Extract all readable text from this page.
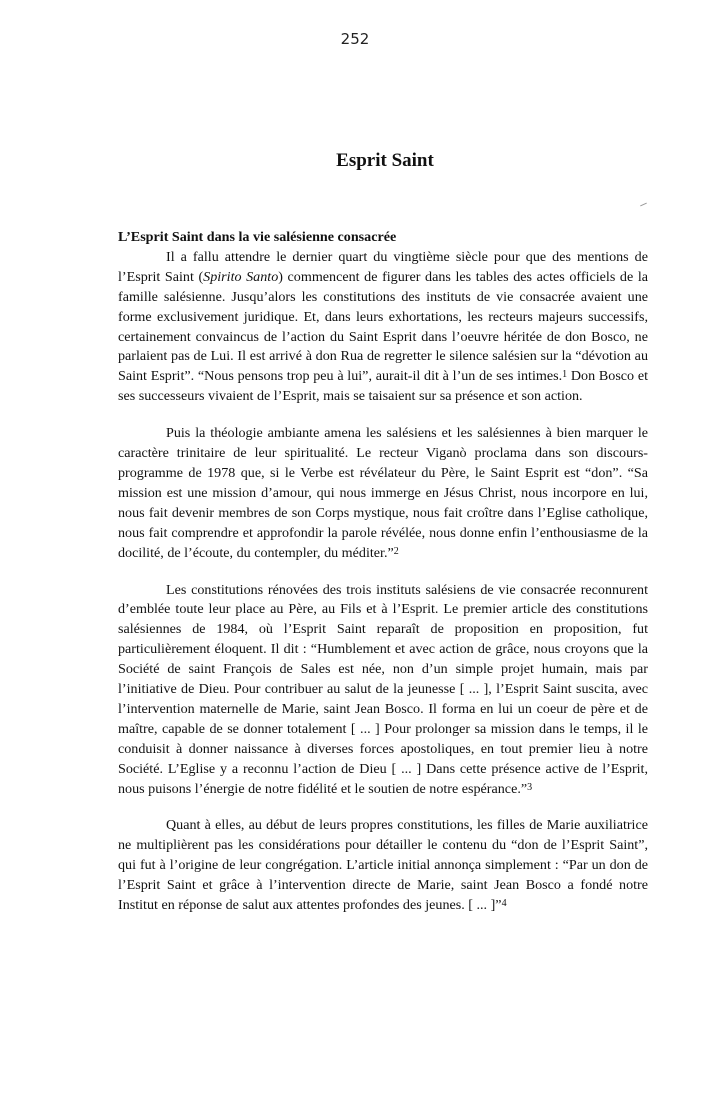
252
Esprit Saint

L’Esprit Saint dans la vie salésienne consacrée

Il a fallu attendre le dernier quart du vingtième siècle pour que des mentions de l’Esprit Saint (Spirito Santo) commencent de figurer dans les tables des actes officiels de la famille salésienne. Jusqu’alors les constitutions des instituts de vie consacrée avaient une forme exclusivement juridique. Et, dans leurs exhortations, les recteurs majeurs successifs, certainement convaincus de l’action du Saint Esprit dans l’oeuvre héritée de don Bosco, ne parlaient pas de Lui. Il est arrivé à don Rua de regretter le silence salésien sur la “dévotion au Saint Esprit”. “Nous pensons trop peu à lui”, aurait-il dit à l’un de ses intimes.$^1$ Don Bosco et ses successeurs vivaient de l’Esprit, mais se taisaient sur sa présence et son action.

Puis la théologie ambiante amena les salésiens et les salésiennes à bien marquer le caractère trinitaire de leur spiritualité. Le recteur Viganò proclama dans son discours-programme de 1978 que, si le Verbe est révélateur du Père, le Saint Esprit est “don”. “Sa mission est une mission d’amour, qui nous immerge en Jésus Christ, nous incorpore en lui, nous fait devenir membres de son Corps mystique, nous fait croître dans l’Eglise catholique, nous fait comprendre et approfondir la parole révélée, nous donne enfin l’enthousiasme de la docilité, de l’écoute, du contempler, du méditer.”$^2$

Les constitutions rénovées des trois instituts salésiens de vie consacrée reconnurent d’emblée toute leur place au Père, au Fils et à l’Esprit. Le premier article des constitutions salésiennes de 1984, où l’Esprit Saint reparaît de proposition en proposition, fut particulièrement éloquent. Il dit : “Humblement et avec action de grâce, nous croyons que la Société de saint François de Sales est née, non d’un simple projet humain, mais par l’initiative de Dieu. Pour contribuer au salut de la jeunesse [ ... ], l’Esprit Saint suscita, avec l’intervention maternelle de Marie, saint Jean Bosco. Il forma en lui un coeur de père et de maître, capable de se donner totalement [ ... ] Pour prolonger sa mission dans le temps, il le conduisit à donner naissance à diverses forces apostoliques, en tout premier lieu à notre Société. L’Eglise y a reconnu l’action de Dieu [ ... ] Dans cette présence active de l’Esprit, nous puisons l’énergie de notre fidélité et le soutien de notre espérance.”$^3$

Quant à elles, au début de leurs propres constitutions, les filles de Marie auxiliatrice ne multiplièrent pas les considérations pour détailler le contenu du “don de l’Esprit Saint”, qui fut à l’origine de leur congrégation. L’article initial annonça simplement : “Par un don de l’Esprit Saint et grâce à l’intervention directe de Marie, saint Jean Bosco a fondé notre Institut en réponse de salut aux attentes profondes des jeunes. [ ... ]”$^4$
